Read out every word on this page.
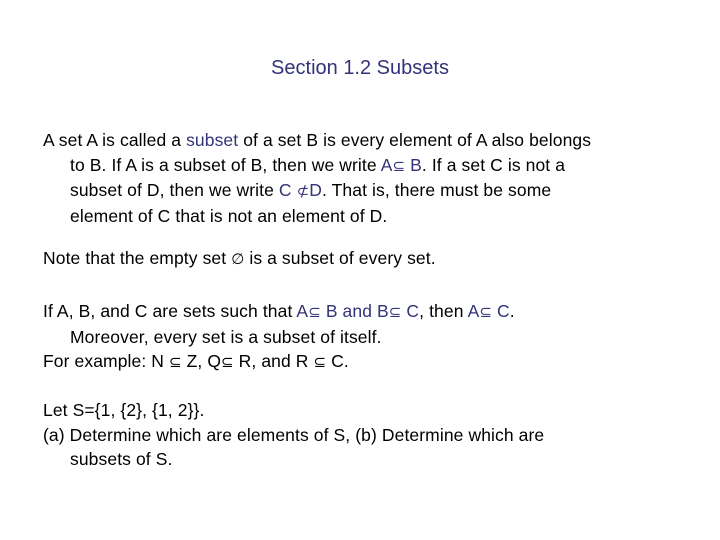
Section 1.2 Subsets
A set A is called a subset of a set B is every element of A also belongs
to B. If A is a subset of B, then we write A⊆ B. If a set C is not a
subset of D, then we write C ⊄D. That is, there must be some
element of C that is not an element of D.
Note that the empty set ∅ is a subset of every set.
If A, B, and C are sets such that A⊆ B and B⊆ C, then A⊆ C.
Moreover, every set is a subset of itself.
For example: N ⊆ Z, Q⊆ R, and R ⊆ C.
Let S={1, {2}, {1, 2}}.
(a) Determine which are elements of S, (b) Determine which are
subsets of S.
